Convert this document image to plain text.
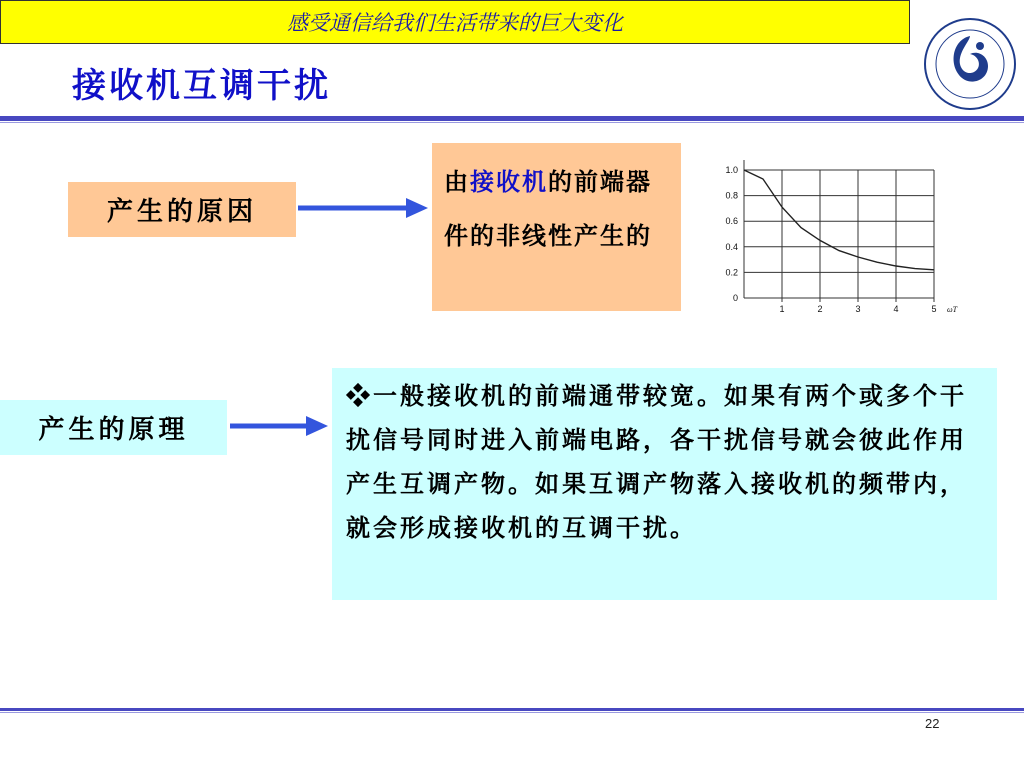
感受通信给我们生活带来的巨大变化
接收机互调干扰
产生的原因
由接收机的前端器件的非线性产生的
0
0.2
0.4
0.6
0.8
1.0
1	2	3	4	5 ωT
产生的原理
❖一般接收机的前端通带较宽。如果有两个或多个干扰信号同时进入前端电路，各干扰信号就会彼此作用产生互调产物。如果互调产物落入接收机的频带内，就会形成接收机的互调干扰。
22
